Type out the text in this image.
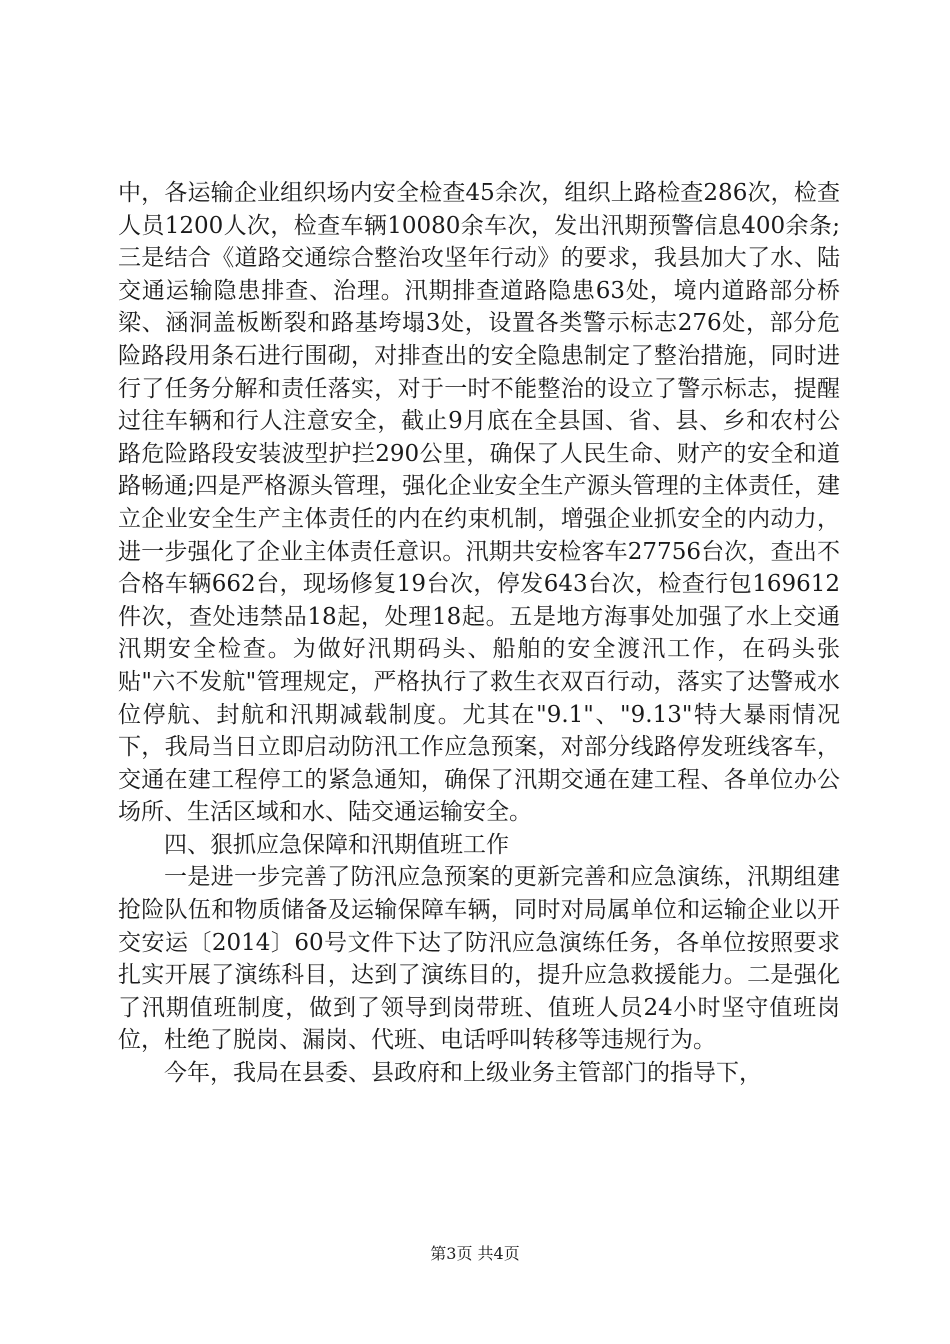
中，各运输企业组织场内安全检查45余次，组织上路检查286次，检查人员1200人次，检查车辆10080余车次，发出汛期预警信息400余条;三是结合《道路交通综合整治攻坚年行动》的要求，我县加大了水、陆交通运输隐患排查、治理。汛期排查道路隐患63处，境内道路部分桥梁、涵洞盖板断裂和路基垮塌3处，设置各类警示标志276处，部分危险路段用条石进行围砌，对排查出的安全隐患制定了整治措施，同时进行了任务分解和责任落实，对于一时不能整治的设立了警示标志，提醒过往车辆和行人注意安全，截止9月底在全县国、省、县、乡和农村公路危险路段安装波型护拦290公里，确保了人民生命、财产的安全和道路畅通;四是严格源头管理，强化企业安全生产源头管理的主体责任，建立企业安全生产主体责任的内在约束机制，增强企业抓安全的内动力，进一步强化了企业主体责任意识。汛期共安检客车27756台次，查出不合格车辆662台，现场修复19台次，停发643台次，检查行包169612件次，查处违禁品18起，处理18起。五是地方海事处加强了水上交通汛期安全检查。为做好汛期码头、船舶的安全渡汛工作，在码头张贴"六不发航"管理规定，严格执行了救生衣双百行动，落实了达警戒水位停航、封航和汛期减载制度。尤其在"9.1"、"9.13"特大暴雨情况下，我局当日立即启动防汛工作应急预案，对部分线路停发班线客车，交通在建工程停工的紧急通知，确保了汛期交通在建工程、各单位办公场所、生活区域和水、陆交通运输安全。

四、狠抓应急保障和汛期值班工作

一是进一步完善了防汛应急预案的更新完善和应急演练，汛期组建抢险队伍和物质储备及运输保障车辆，同时对局属单位和运输企业以开交安运〔2014〕60号文件下达了防汛应急演练任务，各单位按照要求扎实开展了演练科目，达到了演练目的，提升应急救援能力。二是强化了汛期值班制度，做到了领导到岗带班、值班人员24小时坚守值班岗位，杜绝了脱岗、漏岗、代班、电话呼叫转移等违规行为。

今年，我局在县委、县政府和上级业务主管部门的指导下，

第3页 共4页
